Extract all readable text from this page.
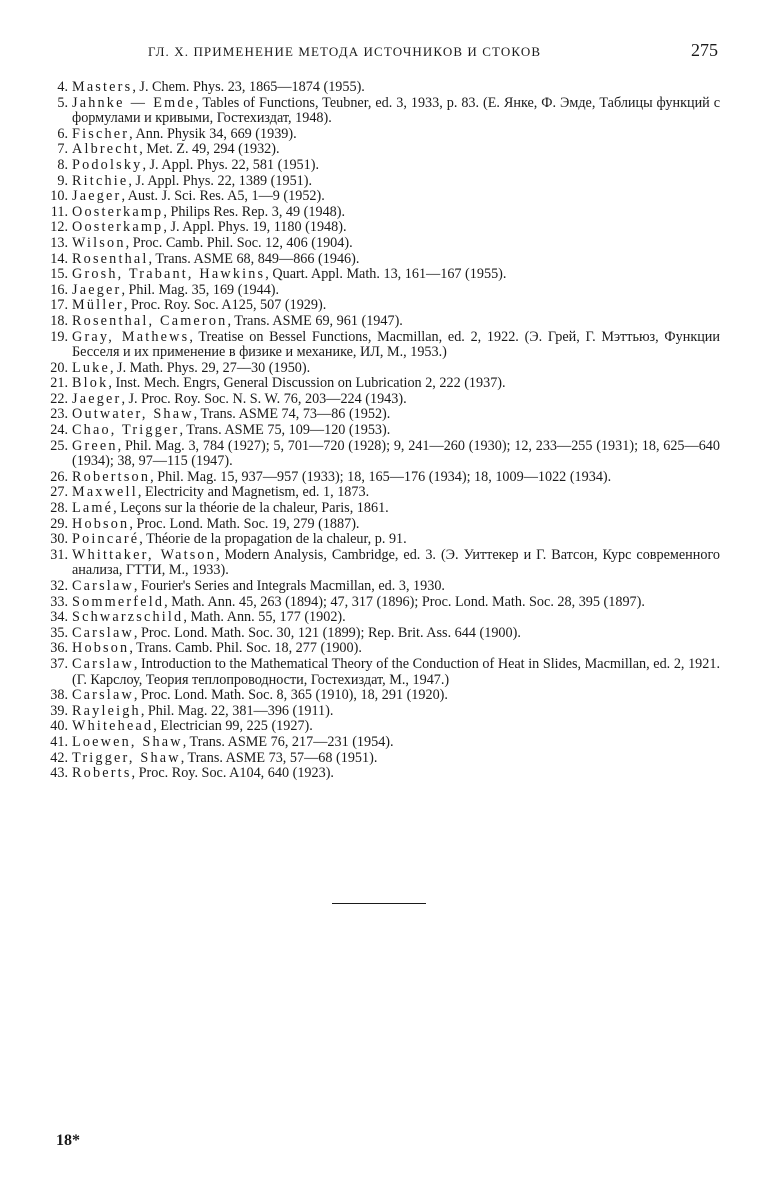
ГЛ. X. ПРИМЕНЕНИЕ МЕТОДА ИСТОЧНИКОВ И СТОКОВ	275
4. Masters, J. Chem. Phys. 23, 1865—1874 (1955).
5. Jahnke — Emde, Tables of Functions, Teubner, ed. 3, 1933, p. 83. (Е. Янке, Ф. Эмде, Таблицы функций с формулами и кривыми, Гостехиздат, 1948).
6. Fischer, Ann. Physik 34, 669 (1939).
7. Albrecht, Met. Z. 49, 294 (1932).
8. Podolsky, J. Appl. Phys. 22, 581 (1951).
9. Ritchie, J. Appl. Phys. 22, 1389 (1951).
10. Jaeger, Aust. J. Sci. Res. A5, 1—9 (1952).
11. Oosterkamp, Philips Res. Rep. 3, 49 (1948).
12. Oosterkamp, J. Appl. Phys. 19, 1180 (1948).
13. Wilson, Proc. Camb. Phil. Soc. 12, 406 (1904).
14. Rosenthal, Trans. ASME 68, 849—866 (1946).
15. Grosh, Trabant, Hawkins, Quart. Appl. Math. 13, 161—167 (1955).
16. Jaeger, Phil. Mag. 35, 169 (1944).
17. Müller, Proc. Roy. Soc. A125, 507 (1929).
18. Rosenthal, Cameron, Trans. ASME 69, 961 (1947).
19. Gray, Mathews, Treatise on Bessel Functions, Macmillan, ed. 2, 1922. (Э. Грей, Г. Мэттьюз, Функции Бесселя и их применение в физике и механике, ИЛ, М., 1953.)
20. Luke, J. Math. Phys. 29, 27—30 (1950).
21. Blok, Inst. Mech. Engrs, General Discussion on Lubrication 2, 222 (1937).
22. Jaeger, J. Proc. Roy. Soc. N. S. W. 76, 203—224 (1943).
23. Outwater, Shaw, Trans. ASME 74, 73—86 (1952).
24. Chao, Trigger, Trans. ASME 75, 109—120 (1953).
25. Green, Phil. Mag. 3, 784 (1927); 5, 701—720 (1928); 9, 241—260 (1930); 12, 233—255 (1931); 18, 625—640 (1934); 38, 97—115 (1947).
26. Robertson, Phil. Mag. 15, 937—957 (1933); 18, 165—176 (1934); 18, 1009—1022 (1934).
27. Maxwell, Electricity and Magnetism, ed. 1, 1873.
28. Lamé, Leçons sur la théorie de la chaleur, Paris, 1861.
29. Hobson, Proc. Lond. Math. Soc. 19, 279 (1887).
30. Poincaré, Théorie de la propagation de la chaleur, p. 91.
31. Whittaker, Watson, Modern Analysis, Cambridge, ed. 3. (Э. Уиттекер и Г. Ватсон, Курс современного анализа, ГТТИ, М., 1933).
32. Carslaw, Fourier's Series and Integrals Macmillan, ed. 3, 1930.
33. Sommerfeld, Math. Ann. 45, 263 (1894); 47, 317 (1896); Proc. Lond. Math. Soc. 28, 395 (1897).
34. Schwarzschild, Math. Ann. 55, 177 (1902).
35. Carslaw, Proc. Lond. Math. Soc. 30, 121 (1899); Rep. Brit. Ass. 644 (1900).
36. Hobson, Trans. Camb. Phil. Soc. 18, 277 (1900).
37. Carslaw, Introduction to the Mathematical Theory of the Conduction of Heat in Slides, Macmillan, ed. 2, 1921. (Г. Карслоу, Теория теплопроводности, Гостехиздат, М., 1947.)
38. Carslaw, Proc. Lond. Math. Soc. 8, 365 (1910), 18, 291 (1920).
39. Rayleigh, Phil. Mag. 22, 381—396 (1911).
40. Whitehead, Electrician 99, 225 (1927).
41. Loewen, Shaw, Trans. ASME 76, 217—231 (1954).
42. Trigger, Shaw, Trans. ASME 73, 57—68 (1951).
43. Roberts, Proc. Roy. Soc. A104, 640 (1923).
18*
